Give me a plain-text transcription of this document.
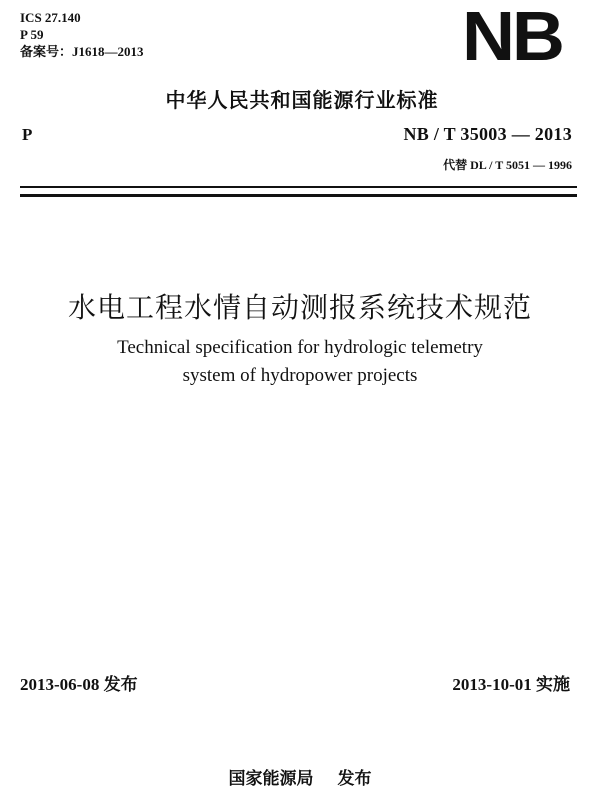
ICS 27.140
P 59
备案号：J1618—2013	NB
中华人民共和国能源行业标准
P	NB / T 35003 — 2013
代替 DL / T 5051 — 1996
水电工程水情自动测报系统技术规范
Technical specification for hydrologic telemetry
system of hydropower projects
2013-06-08 发布	2013-10-01 实施
国家能源局 发布
